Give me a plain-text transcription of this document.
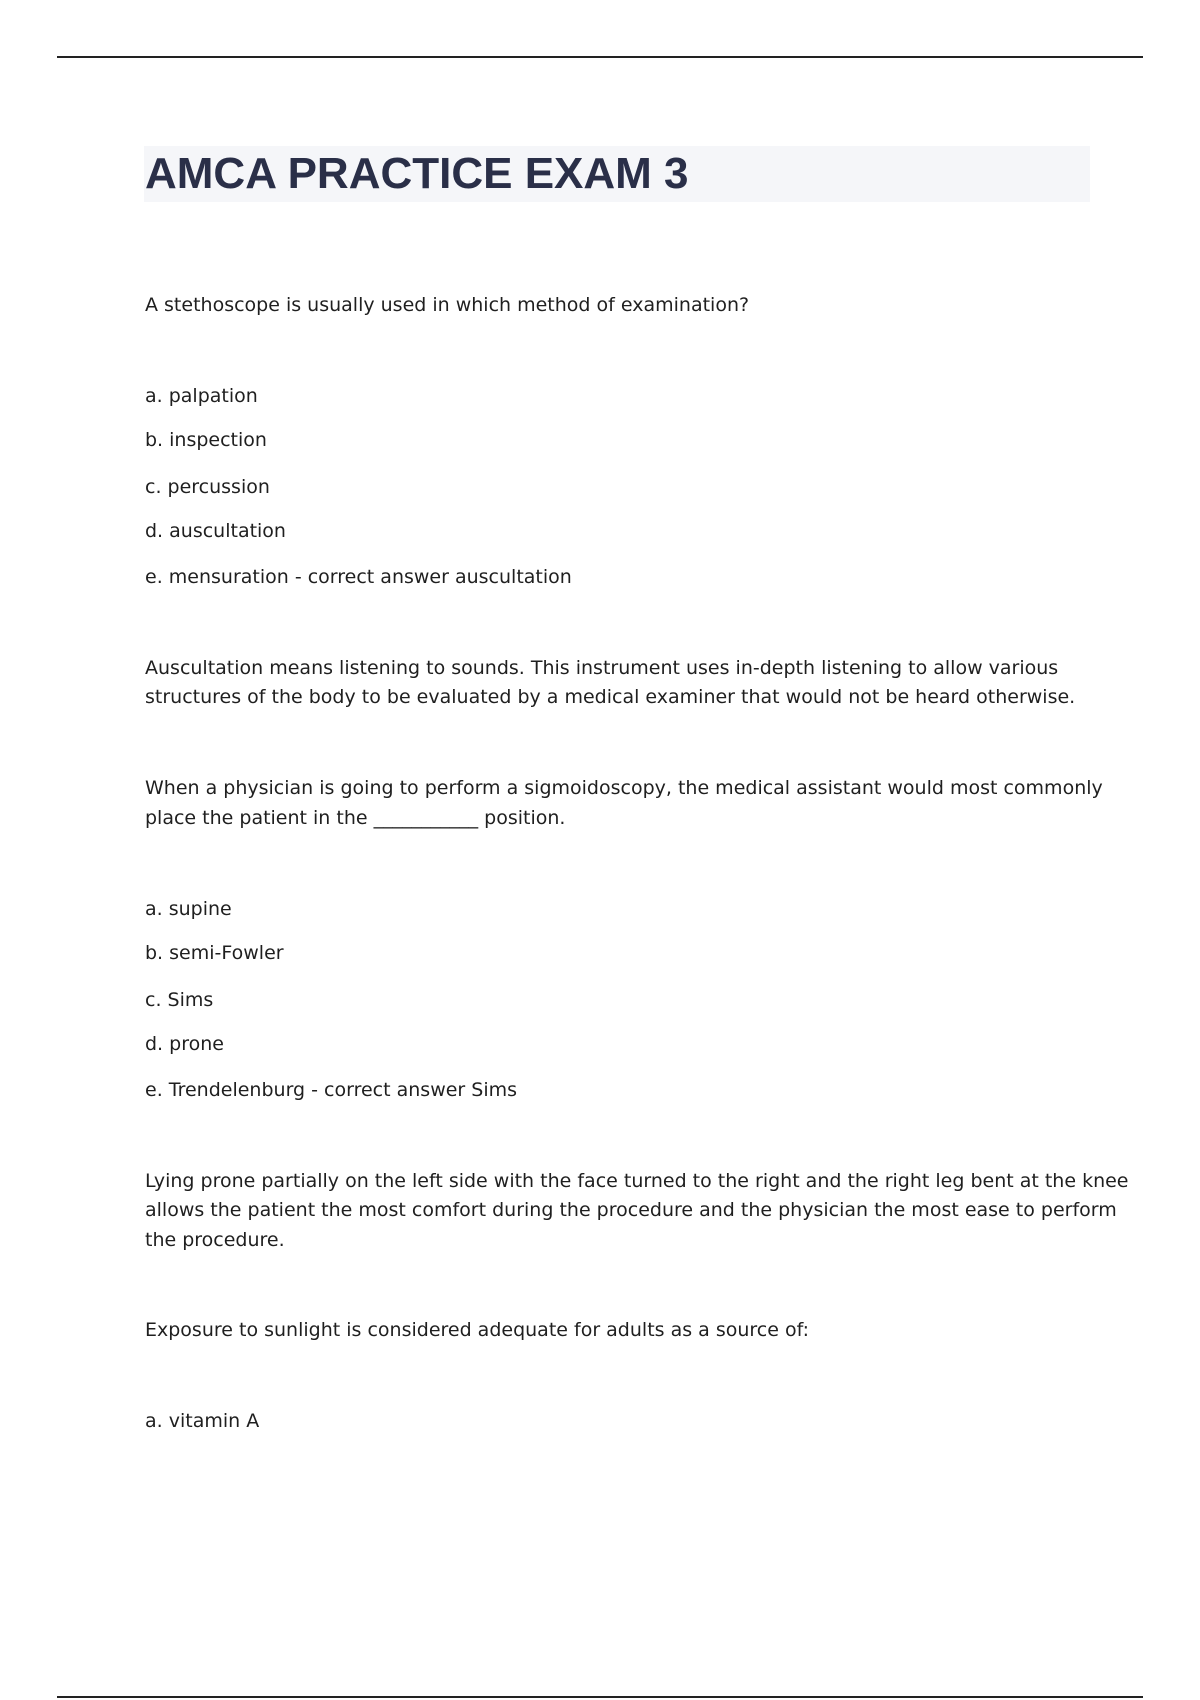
AMCA PRACTICE EXAM 3

A stethoscope is usually used in which method of examination?

a. palpation

b. inspection

c. percussion

d. auscultation

e. mensuration - correct answer auscultation

Auscultation means listening to sounds. This instrument uses in-depth listening to allow various

structures of the body to be evaluated by a medical examiner that would not be heard otherwise.

When a physician is going to perform a sigmoidoscopy, the medical assistant would most commonly

place the patient in the ___________ position.

a. supine

b. semi-Fowler

c. Sims

d. prone

e. Trendelenburg - correct answer Sims

Lying prone partially on the left side with the face turned to the right and the right leg bent at the knee

allows the patient the most comfort during the procedure and the physician the most ease to perform

the procedure.

Exposure to sunlight is considered adequate for adults as a source of:

a. vitamin A
